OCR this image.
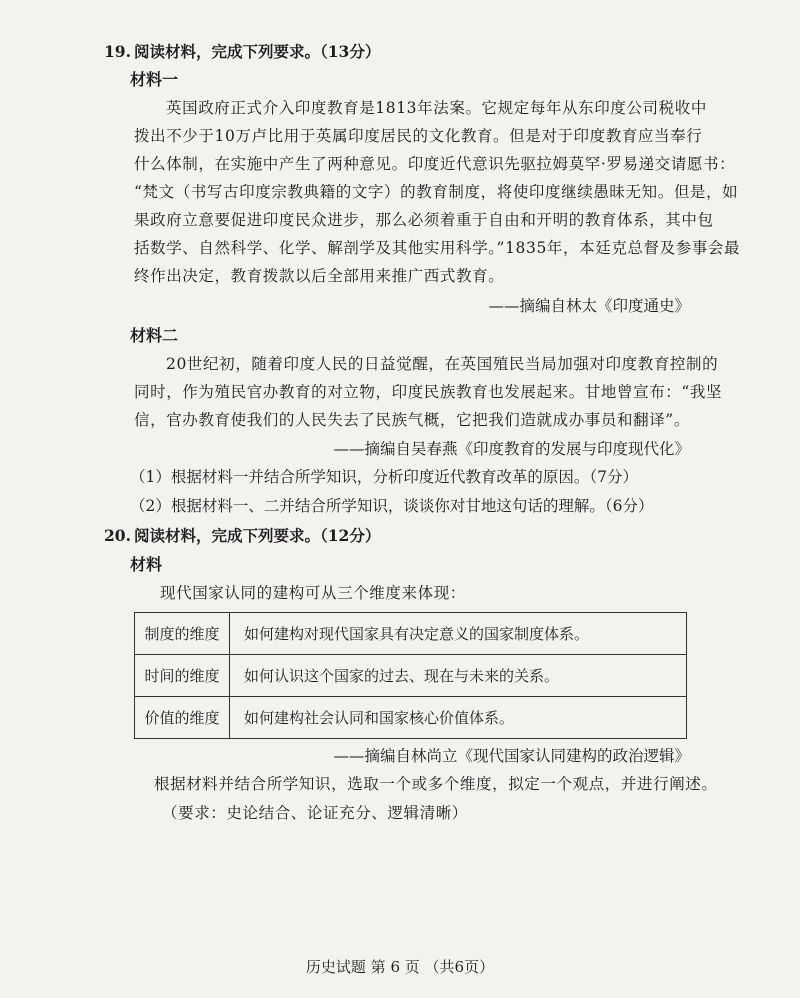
19. 阅读材料，完成下列要求。（13分）
材料一
英国政府正式介入印度教育是1813年法案。它规定每年从东印度公司税收中
拨出不少于10万卢比用于英属印度居民的文化教育。但是对于印度教育应当奉行
什么体制，在实施中产生了两种意见。印度近代意识先驱拉姆莫罕·罗易递交请愿书：
“梵文（书写古印度宗教典籍的文字）的教育制度，将使印度继续愚昧无知。但是，如
果政府立意要促进印度民众进步，那么必须着重于自由和开明的教育体系，其中包
括数学、自然科学、化学、解剖学及其他实用科学。”1835年，本廷克总督及参事会最
终作出决定，教育拨款以后全部用来推广西式教育。
——摘编自林太《印度通史》
材料二
20世纪初，随着印度人民的日益觉醒，在英国殖民当局加强对印度教育控制的
同时，作为殖民官办教育的对立物，印度民族教育也发展起来。甘地曾宣布：“我坚
信，官办教育使我们的人民失去了民族气概，它把我们造就成办事员和翻译”。
——摘编自吴春燕《印度教育的发展与印度现代化》
（1）根据材料一并结合所学知识，分析印度近代教育改革的原因。（7分）
（2）根据材料一、二并结合所学知识，谈谈你对甘地这句话的理解。（6分）
20. 阅读材料，完成下列要求。（12分）
材料
现代国家认同的建构可从三个维度来体现：
制度的维度	如何建构对现代国家具有决定意义的国家制度体系。
时间的维度	如何认识这个国家的过去、现在与未来的关系。
价值的维度	如何建构社会认同和国家核心价值体系。
——摘编自林尚立《现代国家认同建构的政治逻辑》
根据材料并结合所学知识，选取一个或多个维度，拟定一个观点，并进行阐述。
（要求：史论结合、论证充分、逻辑清晰）
历史试题 第 6 页 （共6页）
